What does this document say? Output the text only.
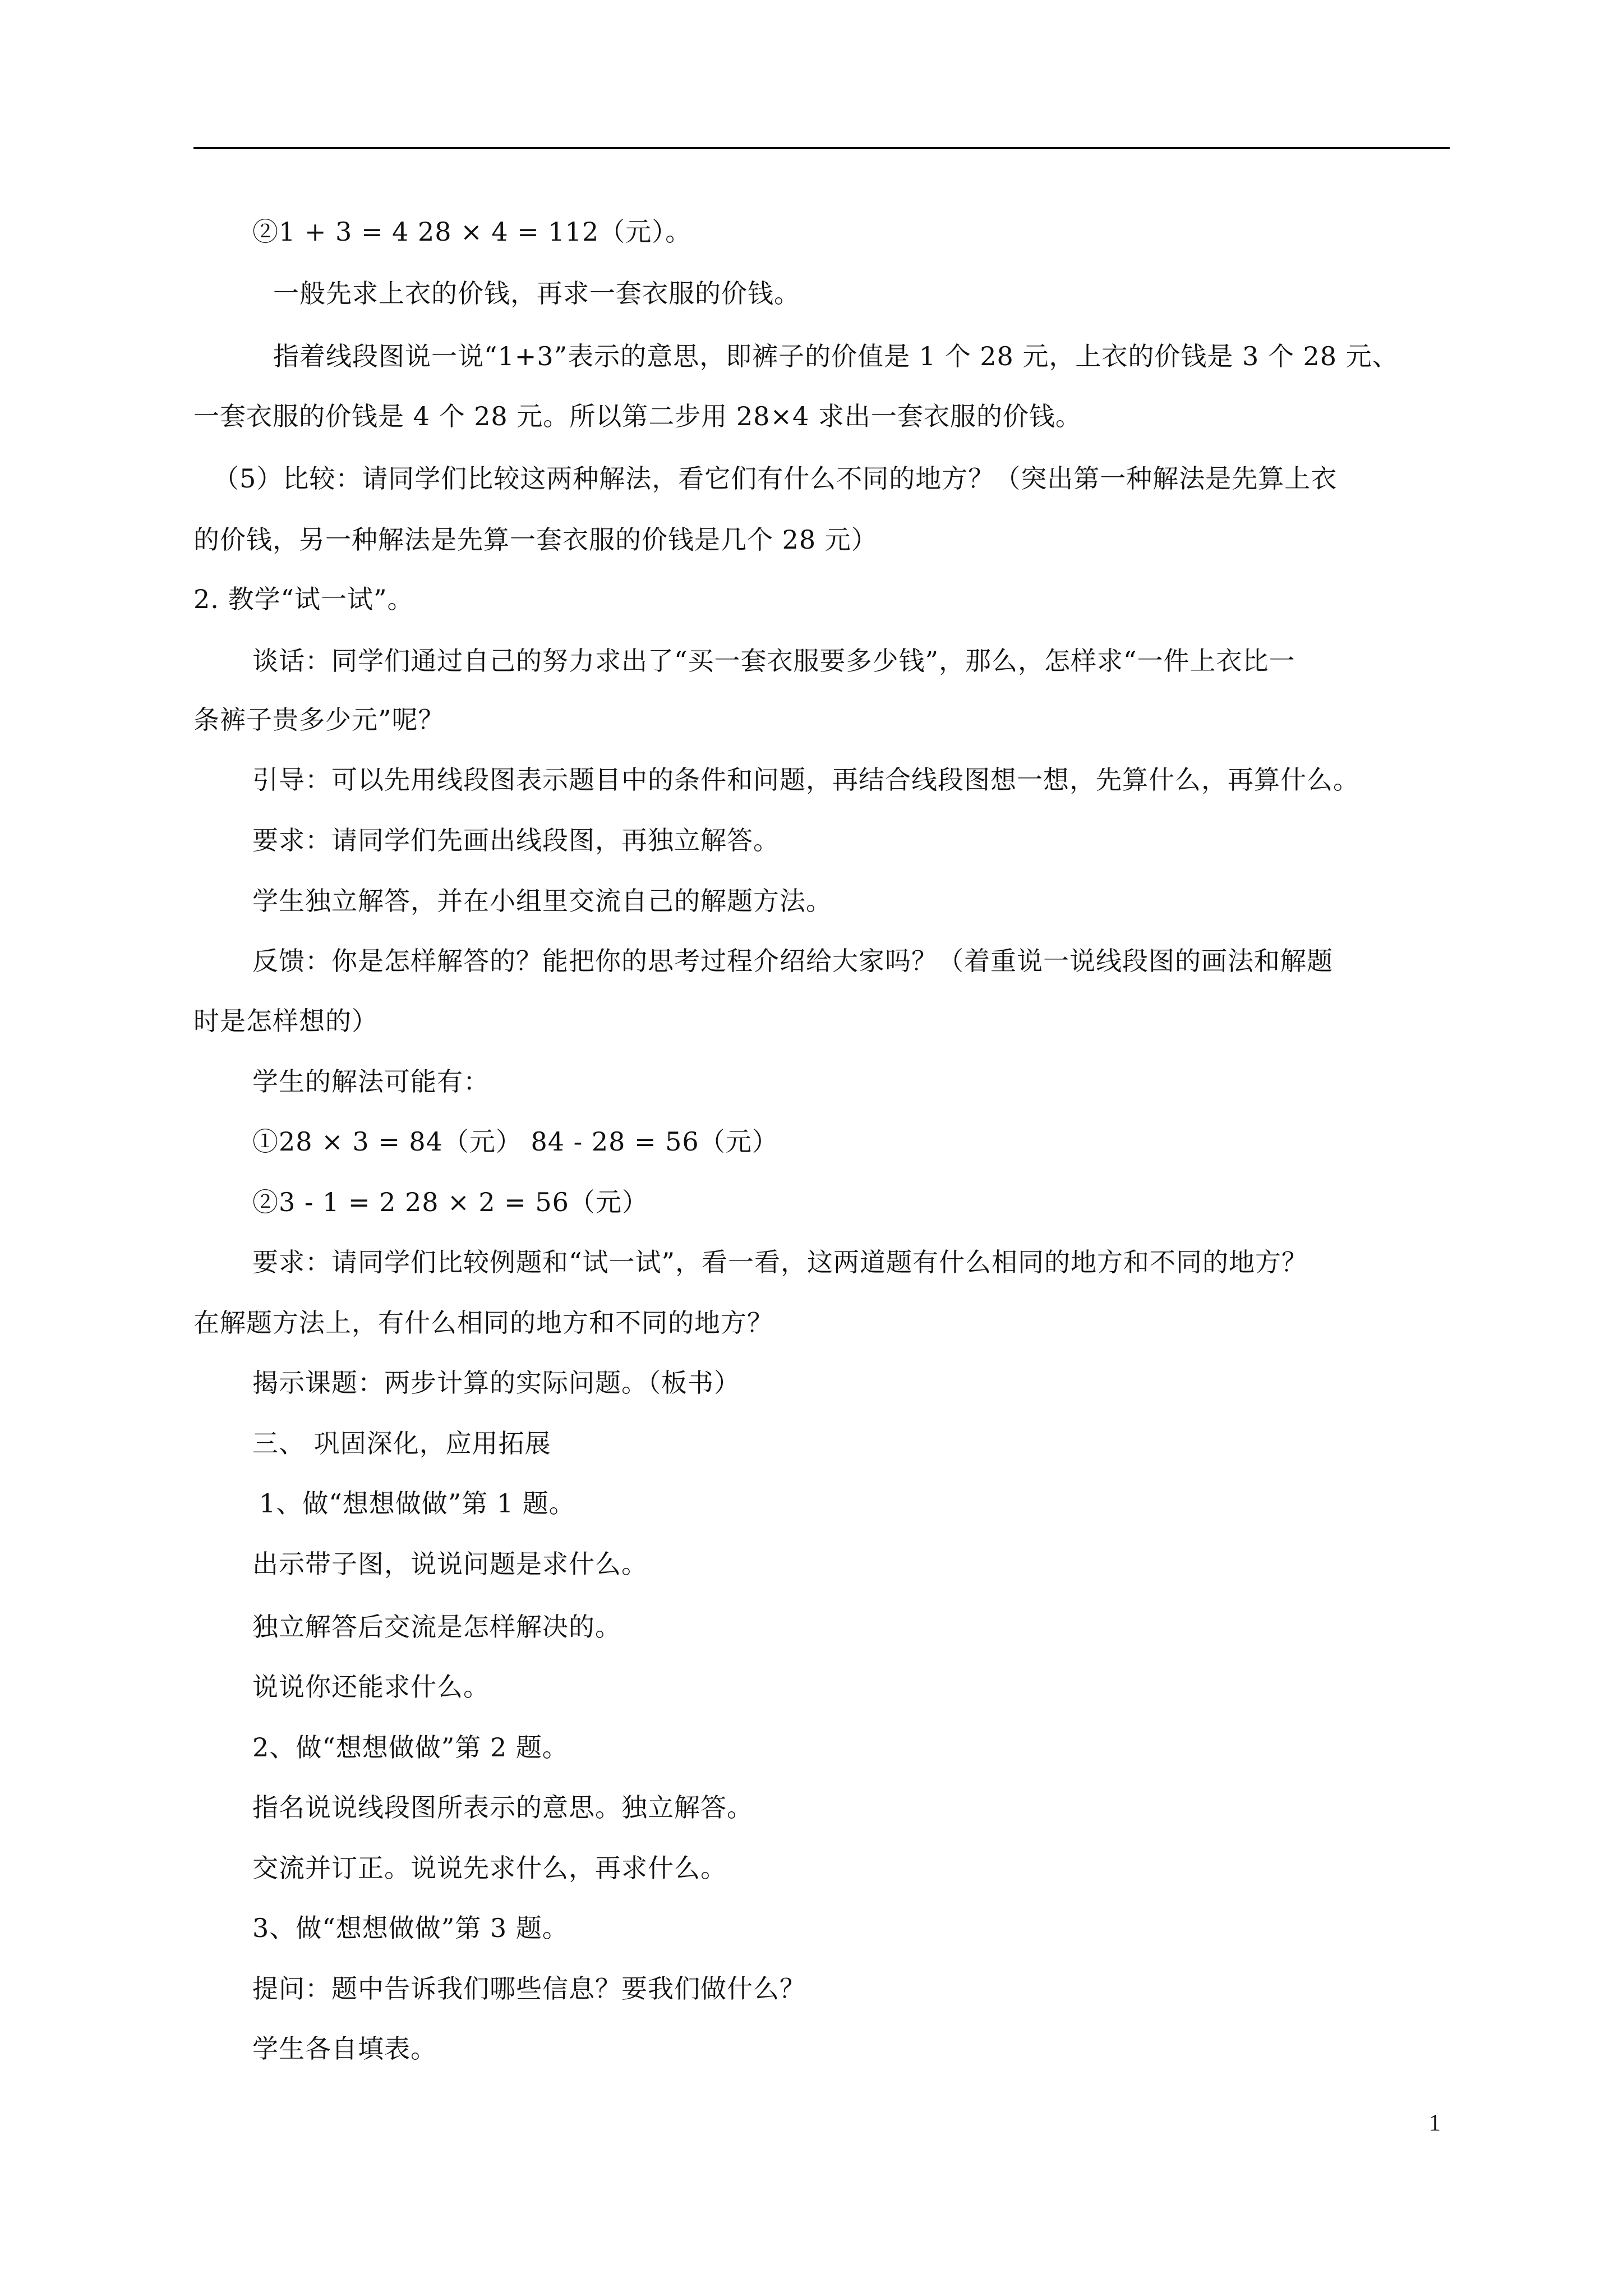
②1 + 3 = 4 28 × 4 = 112（元）。
一般先求上衣的价钱，再求一套衣服的价钱。
指着线段图说一说“1+3”表示的意思，即裤子的价值是 1 个 28 元，上衣的价钱是 3 个 28 元、
一套衣服的价钱是 4 个 28 元。所以第二步用 28×4 求出一套衣服的价钱。
（5）比较：请同学们比较这两种解法，看它们有什么不同的地方？（突出第一种解法是先算上衣
的价钱，另一种解法是先算一套衣服的价钱是几个 28 元）
2. 教学“试一试”。
谈话：同学们通过自己的努力求出了“买一套衣服要多少钱”，那么，怎样求“一件上衣比一
条裤子贵多少元”呢？
引导：可以先用线段图表示题目中的条件和问题，再结合线段图想一想，先算什么，再算什么。
要求：请同学们先画出线段图，再独立解答。
学生独立解答，并在小组里交流自己的解题方法。
反馈：你是怎样解答的？能把你的思考过程介绍给大家吗？（着重说一说线段图的画法和解题
时是怎样想的）
学生的解法可能有：
①28 × 3 = 84（元） 84 - 28 = 56（元）
②3 - 1 = 2 28 × 2 = 56（元）
要求：请同学们比较例题和“试一试”，看一看，这两道题有什么相同的地方和不同的地方？
在解题方法上，有什么相同的地方和不同的地方？
揭示课题：两步计算的实际问题。（板书）
三、 巩固深化，应用拓展
1、做“想想做做”第 1 题。
出示带子图，说说问题是求什么。
独立解答后交流是怎样解决的。
说说你还能求什么。
2、做“想想做做”第 2 题。
指名说说线段图所表示的意思。独立解答。
交流并订正。说说先求什么，再求什么。
3、做“想想做做”第 3 题。
提问：题中告诉我们哪些信息？要我们做什么？
学生各自填表。
1
